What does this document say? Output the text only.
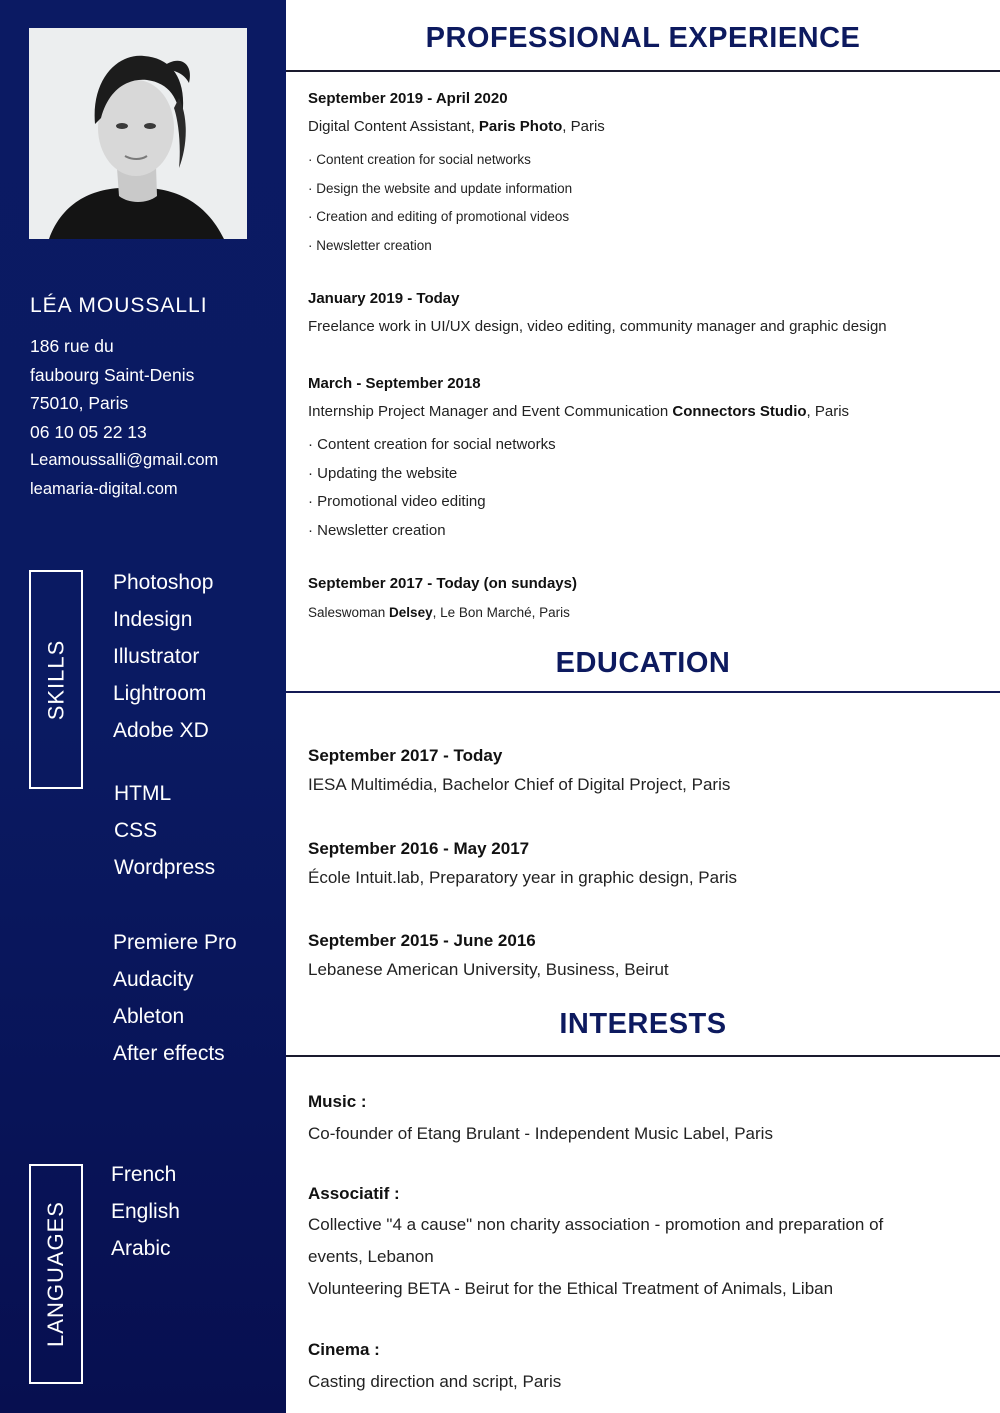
LÉA MOUSSALLI
186 rue du
faubourg Saint-Denis
75010, Paris
06 10 05 22 13
Leamoussalli@gmail.com
leamaria-digital.com
SKILLS
Photoshop
Indesign
Illustrator
Lightroom
Adobe XD
HTML
CSS
Wordpress
Premiere Pro
Audacity
Ableton
After effects
LANGUAGES
French
English
Arabic
PROFESSIONAL EXPERIENCE
September 2019 - April 2020
Digital Content Assistant, Paris Photo, Paris
· Content creation for social networks
· Design the website and update information
· Creation and editing of promotional videos
· Newsletter creation
January 2019 - Today
Freelance work in UI/UX design, video editing, community manager and graphic design
March - September 2018
Internship Project Manager and Event Communication Connectors Studio, Paris
· Content creation for social networks
· Updating the website
· Promotional video editing
· Newsletter creation
September 2017 - Today (on sundays)
Saleswoman Delsey, Le Bon Marché, Paris
EDUCATION
September 2017 - Today
IESA Multimédia, Bachelor Chief of Digital Project, Paris
September 2016 - May 2017
École Intuit.lab, Preparatory year in graphic design, Paris
September 2015 - June 2016
Lebanese American University, Business, Beirut
INTERESTS
Music :
Co-founder of Etang Brulant - Independent Music Label, Paris
Associatif :
Collective "4 a cause" non charity association - promotion and preparation of
events, Lebanon
Volunteering BETA - Beirut for the Ethical Treatment of Animals, Liban
Cinema :
Casting direction and script, Paris
